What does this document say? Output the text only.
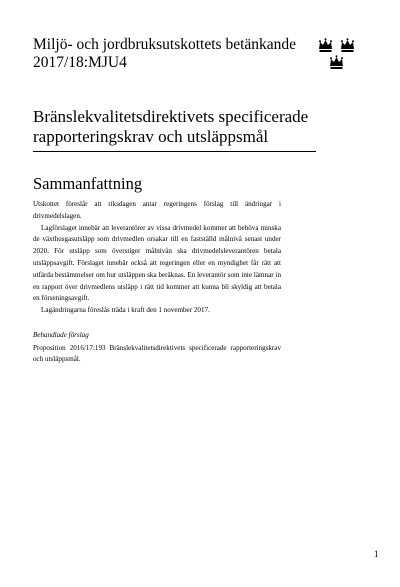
Miljö- och jordbruksutskottets betänkande
2017/18:MJU4
Bränslekvalitetsdirektivets specificerade rapporteringskrav och utsläppsmål
Sammanfattning

Utskottet föreslår att riksdagen antar regeringens förslag till ändringar i drivmedelslagen.

Lagförslaget innebär att leverantörer av vissa drivmedel kommer att behöva minska de växthusgasutsläpp som drivmedlen orsakar till en fastställd målnivå senast under 2020. För utsläpp som överstiger målnivån ska drivmedelsleverantören betala utsläppsavgift. Förslaget innebär också att regeringen eller en myndighet får rätt att utfärda bestämmelser om hur utsläppen ska beräknas. En leverantör som inte lämnar in en rapport över drivmedlens utsläpp i rätt tid kommer att kunna bli skyldig att betala en förseningsavgift.

Lagändringarna föreslås träda i kraft den 1 november 2017.

Behandlade förslag
Proposition 2016/17:193 Bränslekvalitetsdirektivets specificerade rapporteringskrav och utsläppsmål.
1
